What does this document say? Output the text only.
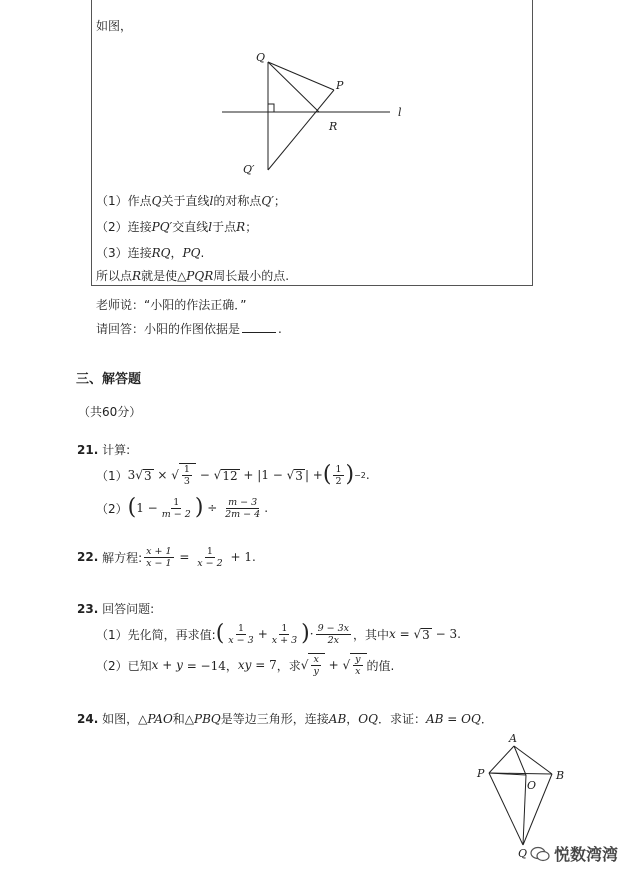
如图，
Q
P
R
l
Q′
（1）作点Q关于直线l的对称点Q′；
（2）连接PQ′交直线l于点R；
（3）连接RQ，PQ.
所以点R就是使△PQR周长最小的点.
老师说：“小阳的作法正确．”
请回答：小阳的作图依据是	.
三、解答题
（共60分）
21. 计算:
（1） 3 √ 3 × √ $\frac{1}{3}$ − √ 12 + |1 − √ 3 | + ( $\frac{1}{2}$ ) −2 .
（2） ( $1 - \frac{1}{m - 2}$ ) ÷ $\frac{m - 3}{2m - 4}$ .
22.
解方程: $\frac{x + 1}{x - 1} = \frac{1}{x - 2} + 1$.
23. 回答问题:
（1）先化简，再求值: ( $\frac{1}{x - 3} + \frac{1}{x + 3}$ ) · $\frac{9 - 3x}{2x}$ ，其中 x = √ 3 − 3.
（2）已知 x + y = −14， xy = 7 ，求 √ $\frac{x}{y}$ + √ $\frac{y}{x}$ 的值.
24. 如图，△PAO和△PBQ是等边三角形，连接AB，OQ．求证：AB = OQ．
A
P	B
O
Q 悦数湾湾
